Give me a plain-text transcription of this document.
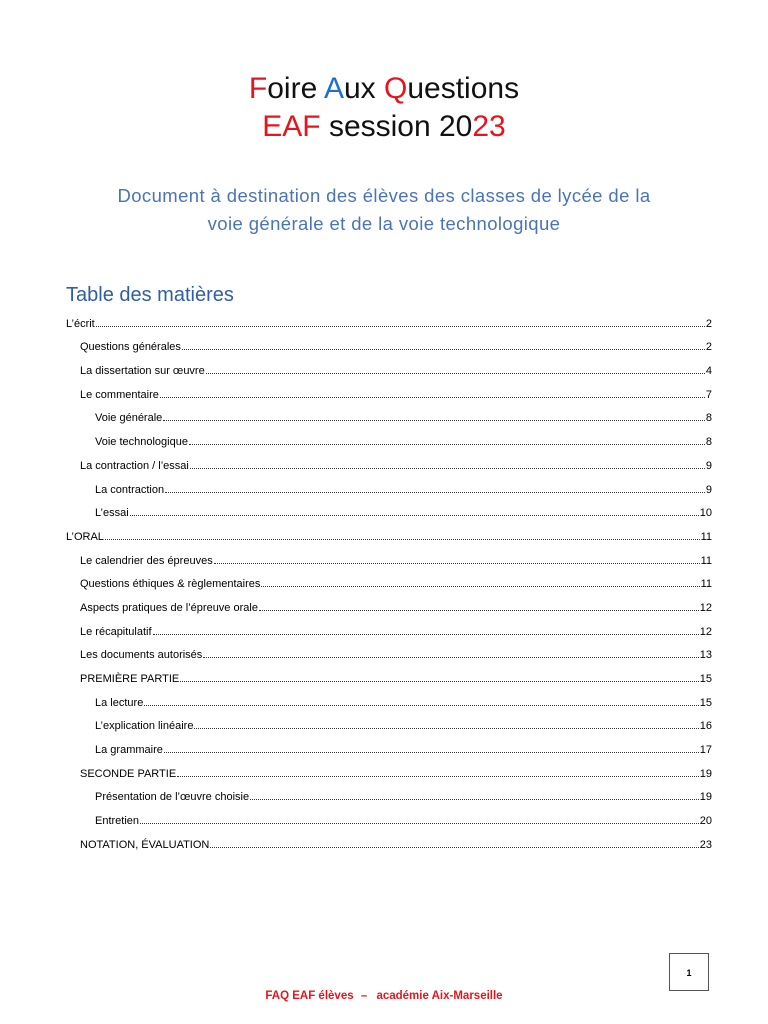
Foire Aux Questions
EAF session 2023
Document à destination des élèves des classes de lycée de la
voie générale et de la voie technologique
Table des matières
L’écrit	2
Questions générales	2
La dissertation sur œuvre	4
Le commentaire	7
Voie générale	8
Voie technologique	8
La contraction / l’essai	9
La contraction	9
L’essai	10
L’ORAL	11
Le calendrier des épreuves	11
Questions éthiques & règlementaires	11
Aspects pratiques de l’épreuve orale	12
Le récapitulatif	12
Les documents autorisés	13
PREMIÈRE PARTIE	15
La lecture	15
L’explication linéaire	16
La grammaire	17
SECONDE PARTIE	19
Présentation de l’œuvre choisie	19
Entretien	20
NOTATION, ÉVALUATION	23
1
FAQ EAF élèves – académie Aix-Marseille
